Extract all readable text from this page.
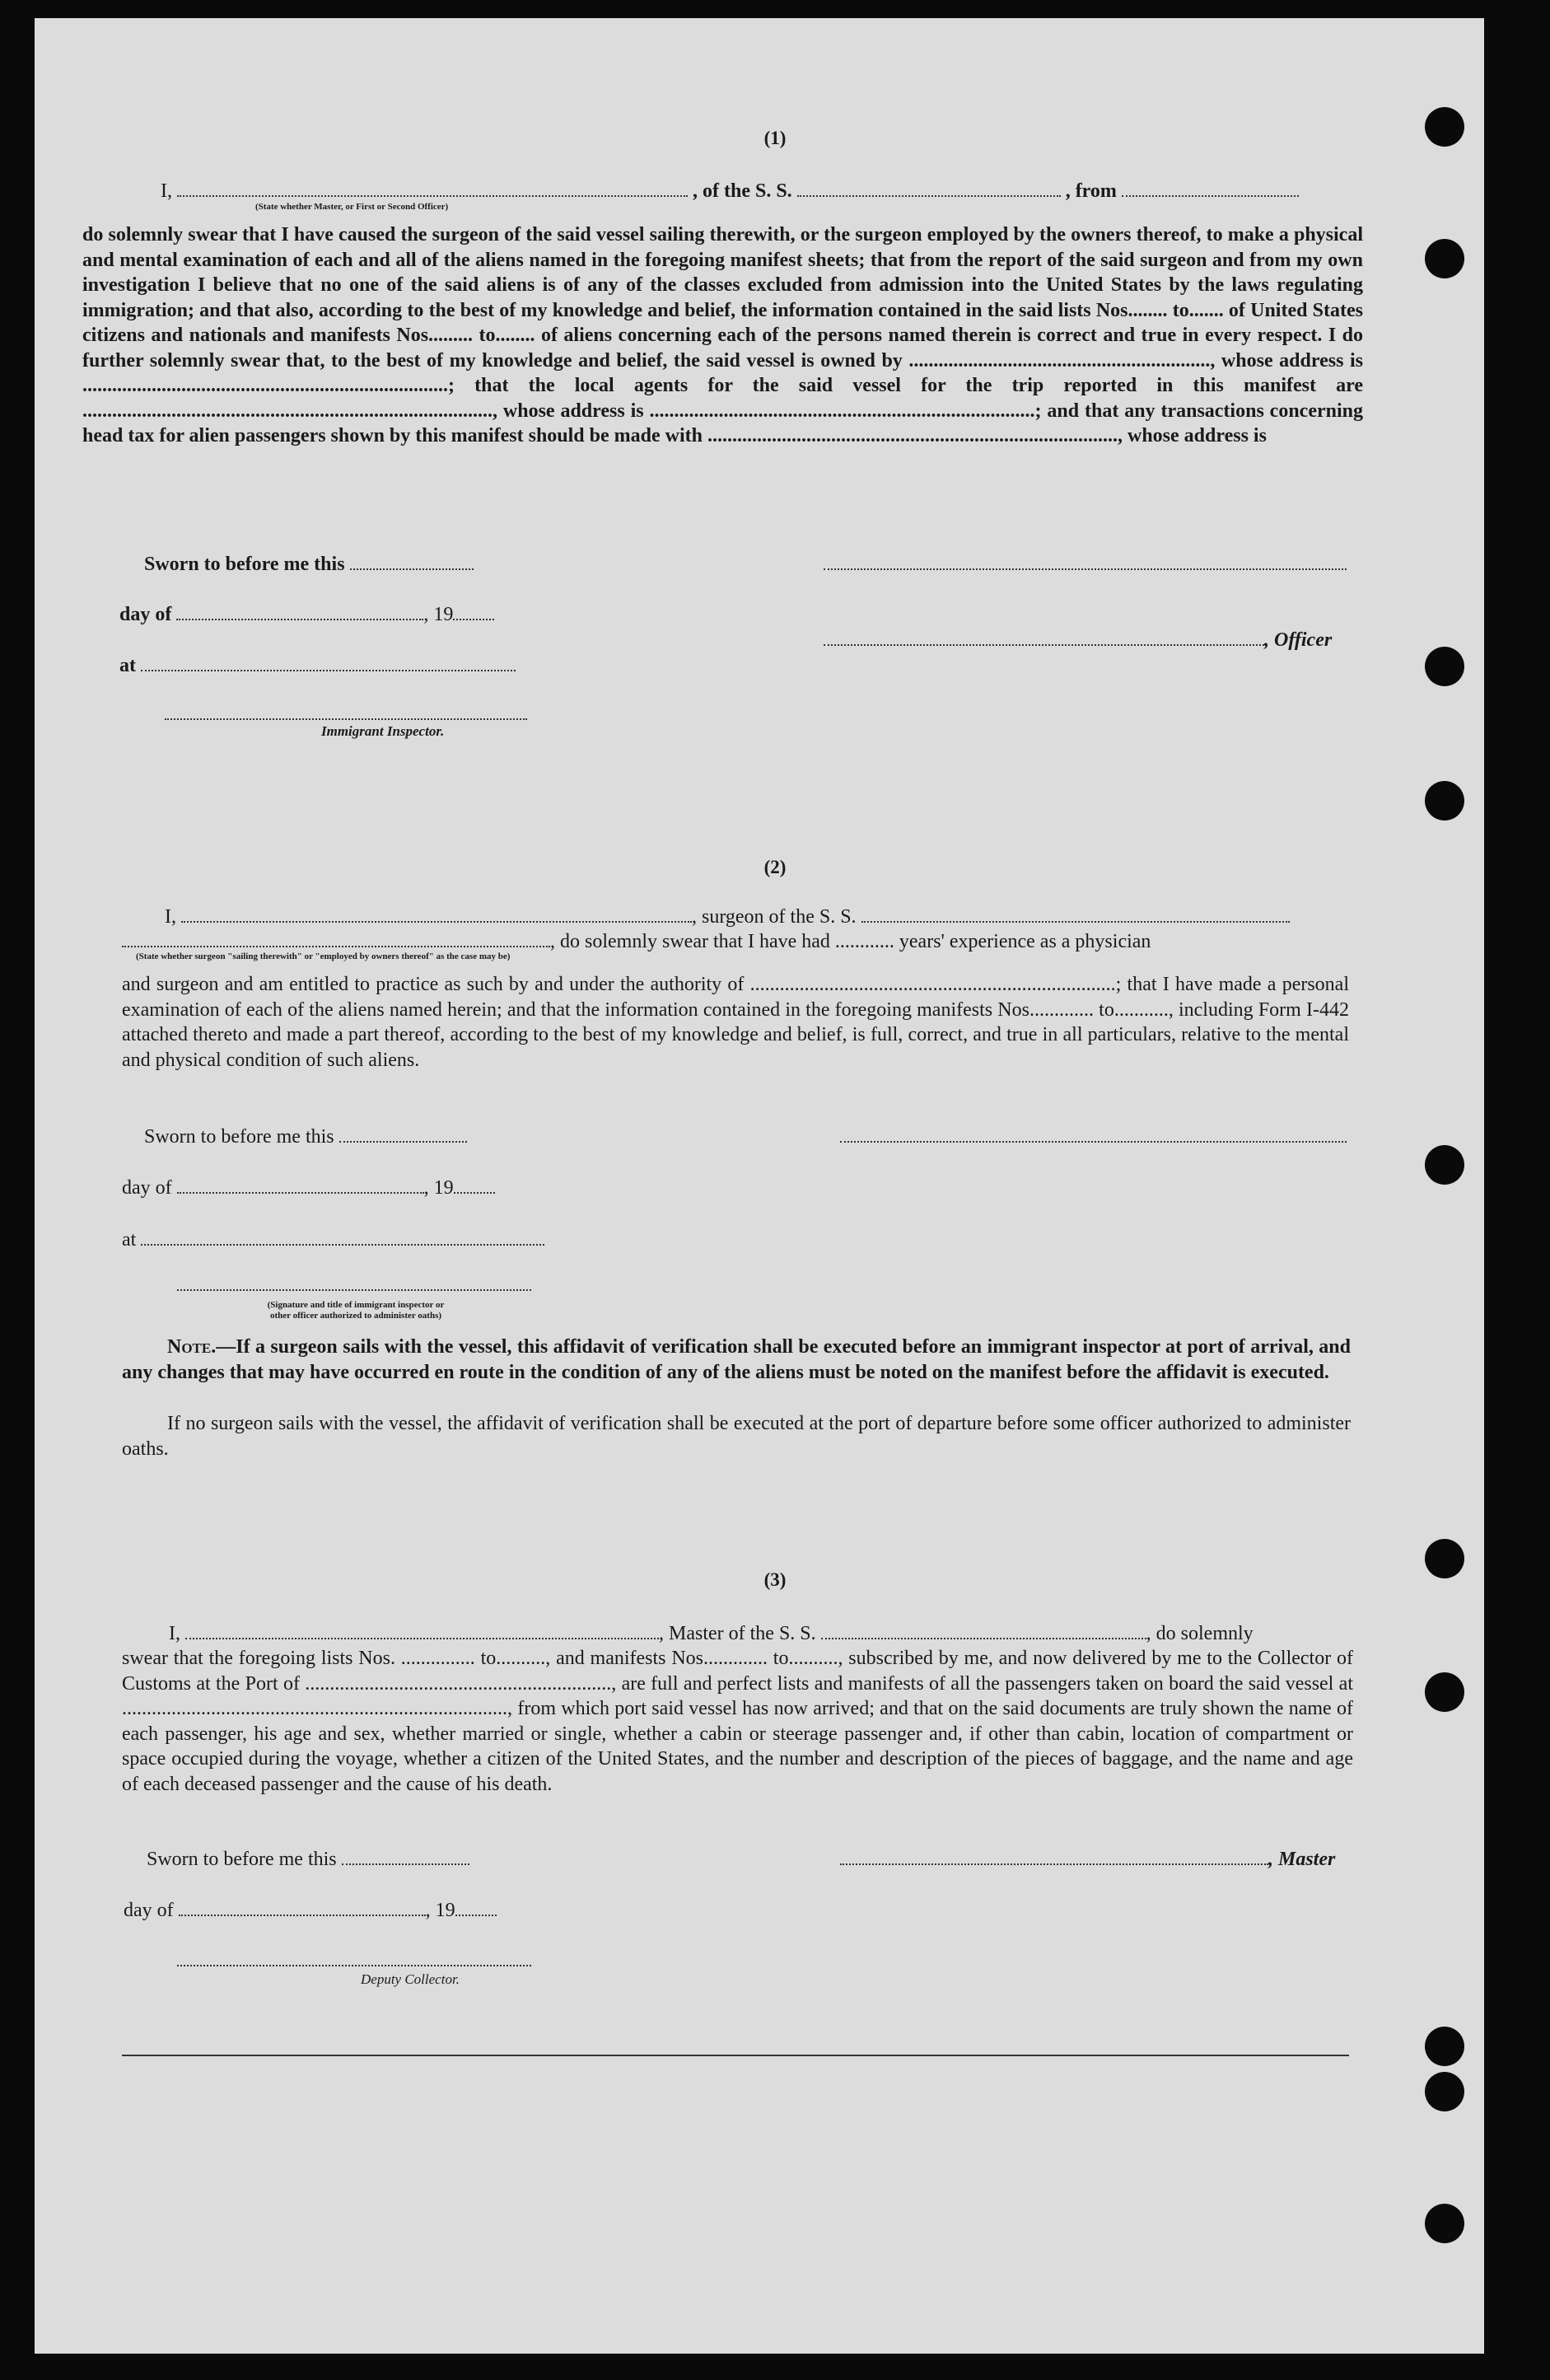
(1)
I,	, of the S. S.	, from
(State whether Master, or First or Second Officer)
do solemnly swear that I have caused the surgeon of the said vessel sailing therewith, or the surgeon employed by the owners thereof, to make a physical and mental examination of each and all of the aliens named in the foregoing manifest sheets; that from the report of the said surgeon and from my own investigation I believe that no one of the said aliens is of any of the classes excluded from admission into the United States by the laws regulating immigration; and that also, according to the best of my knowledge and belief, the information contained in the said lists Nos........ to....... of United States citizens and nationals and manifests Nos......... to........ of aliens concerning each of the persons named therein is correct and true in every respect. I do further solemnly swear that, to the best of my knowledge and belief, the said vessel is owned by ............................................................., whose address is ..........................................................................; that the local agents for the said vessel for the trip reported in this manifest are ..................................................................................., whose address is ..............................................................................; and that any transactions concerning head tax for alien passengers shown by this manifest should be made with ..................................................................................., whose address is
Sworn to before me this
day of	, 19
, Officer
at
Immigrant Inspector.
(2)
I,	, surgeon of the S. S.
, do solemnly swear that I have had ............ years' experience as a physician
(State whether surgeon "sailing therewith" or "employed by owners thereof" as the case may be)
and surgeon and am entitled to practice as such by and under the authority of ..........................................................................; that I have made a personal examination of each of the aliens named herein; and that the information contained in the foregoing manifests Nos............. to..........., including Form I-442 attached thereto and made a part thereof, according to the best of my knowledge and belief, is full, correct, and true in all particulars, relative to the mental and physical condition of such aliens.
Sworn to before me this
day of	, 19
at
(Signature and title of immigrant inspector or
other officer authorized to administer oaths)
Note.—If a surgeon sails with the vessel, this affidavit of verification shall be executed before an immigrant inspector at port of arrival, and any changes that may have occurred en route in the condition of any of the aliens must be noted on the manifest before the affidavit is executed.
If no surgeon sails with the vessel, the affidavit of verification shall be executed at the port of departure before some officer authorized to administer oaths.
(3)
I,	, Master of the S. S.	, do solemnly
swear that the foregoing lists Nos. ............... to.........., and manifests Nos............. to.........., subscribed by me, and now delivered by me to the Collector of Customs at the Port of .............................................................., are full and perfect lists and manifests of all the passengers taken on board the said vessel at .............................................................................., from which port said vessel has now arrived; and that on the said documents are truly shown the name of each passenger, his age and sex, whether married or single, whether a cabin or steerage passenger and, if other than cabin, location of compartment or space occupied during the voyage, whether a citizen of the United States, and the number and description of the pieces of baggage, and the name and age of each deceased passenger and the cause of his death.
Sworn to before me this	, Master
day of	, 19
Deputy Collector.
